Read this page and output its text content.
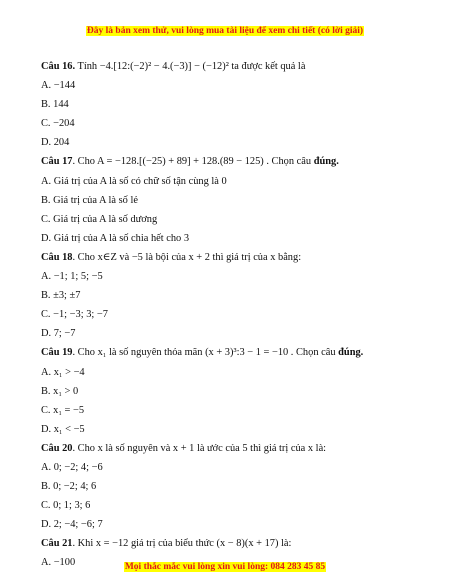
Đây là bản xem thử, vui lòng mua tài liệu để xem chi tiết (có lời giải)
Câu 16. Tính −4.[12:(−2)² − 4.(−3)] − (−12)² ta được kết quả là
A. −144
B. 144
C. −204
D. 204
Câu 17. Cho A = −128.[(−25) + 89] + 128.(89 − 125) . Chọn câu đúng.
A. Giá trị của A là số có chữ số tận cùng là 0
B. Giá trị của A là số lẻ
C. Giá trị của A là số dương
D. Giá trị của A là số chia hết cho 3
Câu 18. Cho x∈Z và −5 là bội của x + 2 thì giá trị của x bằng:
A. −1; 1; 5; −5
B. ±3; ±7
C. −1; −3; 3; −7
D. 7; −7
Câu 19. Cho x₁ là số nguyên thỏa mãn (x + 3)³:3 − 1 = −10 . Chọn câu đúng.
A. x₁ > −4
B. x₁ > 0
C. x₁ = −5
D. x₁ < −5
Câu 20. Cho x là số nguyên và x + 1 là ước của 5 thì giá trị của x là:
A. 0; −2; 4; −6
B. 0; −2; 4; 6
C. 0; 1; 3; 6
D. 2; −4; −6; 7
Câu 21. Khi x = −12 giá trị của biểu thức (x − 8)(x + 17) là:
A. −100	Mọi thắc mắc vui lòng xin vui lòng: 084 283 45 85
